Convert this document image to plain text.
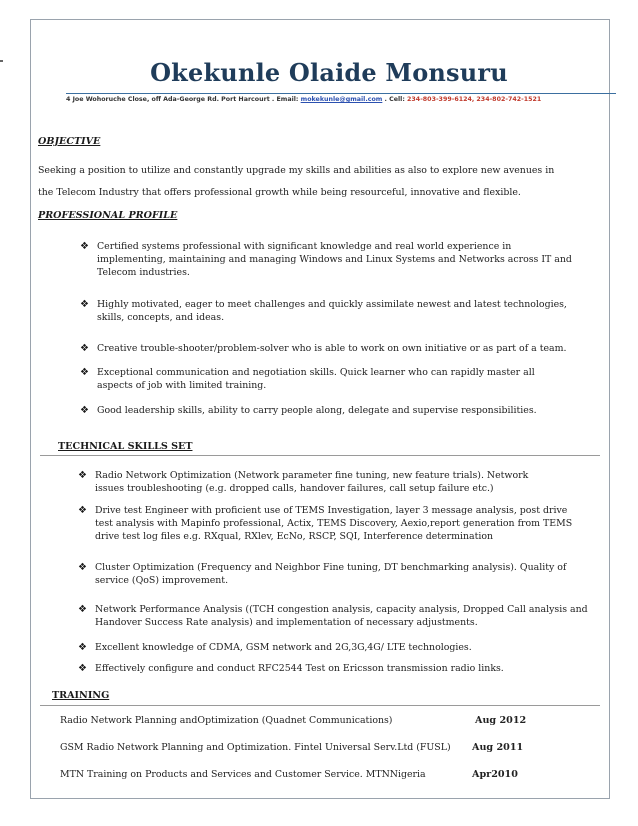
Okekunle Olaide Monsuru
4 Joe Wohoruche Close, off Ada-George Rd. Port Harcourt . Email: mokekunle@gmail.com . Cell: 234-803-399-6124, 234-802-742-1521
OBJECTIVE
Seeking a position to utilize and constantly upgrade my skills and abilities as also to explore new avenues in
the Telecom Industry that offers professional growth while being resourceful, innovative and flexible.
PROFESSIONAL PROFILE
❖ Certified systems professional with significant knowledge and real world experience in implementing, maintaining and managing Windows and Linux Systems and Networks across IT and Telecom industries.
❖ Highly motivated, eager to meet challenges and quickly assimilate newest and latest technologies, skills, concepts, and ideas.
❖ Creative trouble-shooter/problem-solver who is able to work on own initiative or as part of a team.
❖ Exceptional communication and negotiation skills. Quick learner who can rapidly master all aspects of job with limited training.
❖ Good leadership skills, ability to carry people along, delegate and supervise responsibilities.
TECHNICAL SKILLS SET
❖ Radio Network Optimization (Network parameter fine tuning, new feature trials). Network issues troubleshooting (e.g. dropped calls, handover failures, call setup failure etc.)
❖ Drive test Engineer with proficient use of TEMS Investigation, layer 3 message analysis, post drive test analysis with Mapinfo professional, Actix, TEMS Discovery, Aexio,report generation from TEMS drive test log files e.g. RXqual, RXlev, EcNo, RSCP, SQI, Interference determination
❖ Cluster Optimization (Frequency and Neighbor Fine tuning, DT benchmarking analysis). Quality of service (QoS) improvement.
❖ Network Performance Analysis ((TCH congestion analysis, capacity analysis, Dropped Call analysis and Handover Success Rate analysis) and implementation of necessary adjustments.
❖ Excellent knowledge of CDMA, GSM network and 2G,3G,4G/ LTE technologies.
❖ Effectively configure and conduct RFC2544 Test on Ericsson transmission radio links.
TRAINING
Radio Network Planning andOptimization (Quadnet Communications)	Aug 2012
GSM Radio Network Planning and Optimization. Fintel Universal Serv.Ltd (FUSL) Aug 2011
MTN Training on Products and Services and Customer Service. MTNNigeria	Apr2010
